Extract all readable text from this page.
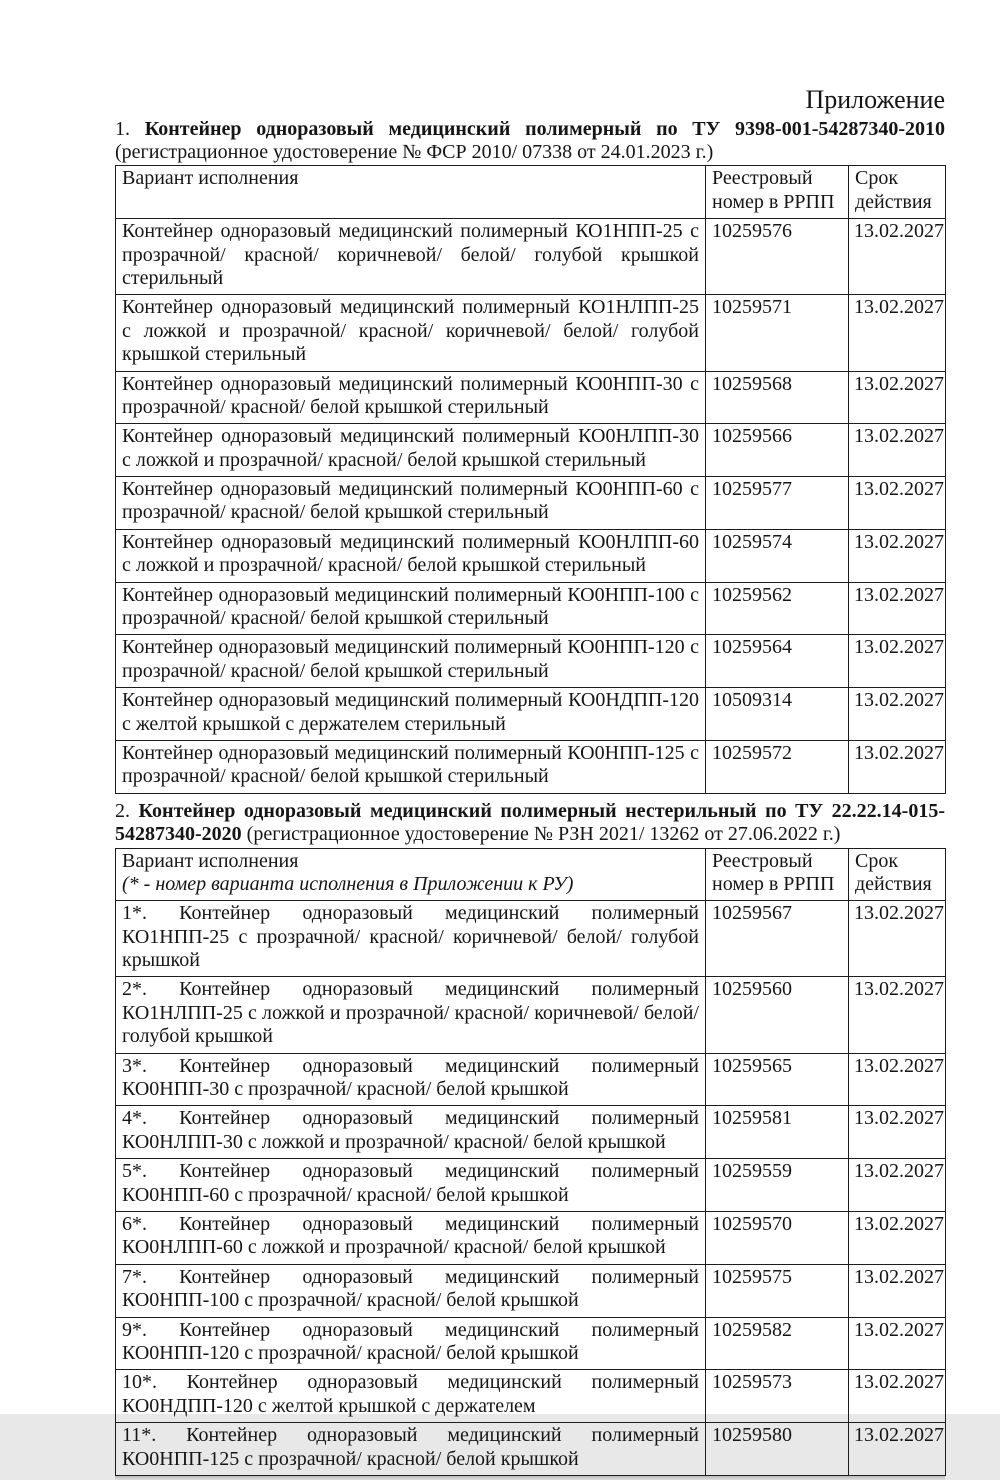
Приложение

1. Контейнер одноразовый медицинский полимерный по ТУ 9398-001-54287340-2010 (регистрационное удостоверение № ФСР 2010/ 07338 от 24.01.2023 г.)

Вариант исполнения	Реестровый номер в РРПП	Срок действия
Контейнер одноразовый медицинский полимерный КО1НПП-25 с прозрачной/ красной/ коричневой/ белой/ голубой крышкой стерильный	10259576	13.02.2027
Контейнер одноразовый медицинский полимерный КО1НЛПП-25 с ложкой и прозрачной/ красной/ коричневой/ белой/ голубой крышкой стерильный	10259571	13.02.2027
Контейнер одноразовый медицинский полимерный КО0НПП-30 с прозрачной/ красной/ белой крышкой стерильный	10259568	13.02.2027
Контейнер одноразовый медицинский полимерный КО0НЛПП-30 с ложкой и прозрачной/ красной/ белой крышкой стерильный	10259566	13.02.2027
Контейнер одноразовый медицинский полимерный КО0НПП-60 с прозрачной/ красной/ белой крышкой стерильный	10259577	13.02.2027
Контейнер одноразовый медицинский полимерный КО0НЛПП-60 с ложкой и прозрачной/ красной/ белой крышкой стерильный	10259574	13.02.2027
Контейнер одноразовый медицинский полимерный КО0НПП-100 с прозрачной/ красной/ белой крышкой стерильный	10259562	13.02.2027
Контейнер одноразовый медицинский полимерный КО0НПП-120 с прозрачной/ красной/ белой крышкой стерильный	10259564	13.02.2027
Контейнер одноразовый медицинский полимерный КО0НДПП-120 с желтой крышкой с держателем стерильный	10509314	13.02.2027
Контейнер одноразовый медицинский полимерный КО0НПП-125 с прозрачной/ красной/ белой крышкой стерильный	10259572	13.02.2027

2. Контейнер одноразовый медицинский полимерный нестерильный по ТУ 22.22.14-015-54287340-2020 (регистрационное удостоверение № РЗН 2021/ 13262 от 27.06.2022 г.)

Вариант исполнения
(* - номер варианта исполнения в Приложении к РУ)	Реестровый номер в РРПП	Срок действия
1*. Контейнер одноразовый медицинский полимерный КО1НПП-25 с прозрачной/ красной/ коричневой/ белой/ голубой крышкой	10259567	13.02.2027
2*. Контейнер одноразовый медицинский полимерный КО1НЛПП-25 с ложкой и прозрачной/ красной/ коричневой/ белой/ голубой крышкой	10259560	13.02.2027
3*. Контейнер одноразовый медицинский полимерный КО0НПП-30 с прозрачной/ красной/ белой крышкой	10259565	13.02.2027
4*. Контейнер одноразовый медицинский полимерный КО0НЛПП-30 с ложкой и прозрачной/ красной/ белой крышкой	10259581	13.02.2027
5*. Контейнер одноразовый медицинский полимерный КО0НПП-60 с прозрачной/ красной/ белой крышкой	10259559	13.02.2027
6*. Контейнер одноразовый медицинский полимерный КО0НЛПП-60 с ложкой и прозрачной/ красной/ белой крышкой	10259570	13.02.2027
7*. Контейнер одноразовый медицинский полимерный КО0НПП-100 с прозрачной/ красной/ белой крышкой	10259575	13.02.2027
9*. Контейнер одноразовый медицинский полимерный КО0НПП-120 с прозрачной/ красной/ белой крышкой	10259582	13.02.2027
10*. Контейнер одноразовый медицинский полимерный КО0НДПП-120 с желтой крышкой с держателем	10259573	13.02.2027
11*. Контейнер одноразовый медицинский полимерный КО0НПП-125 с прозрачной/ красной/ белой крышкой	10259580	13.02.2027
